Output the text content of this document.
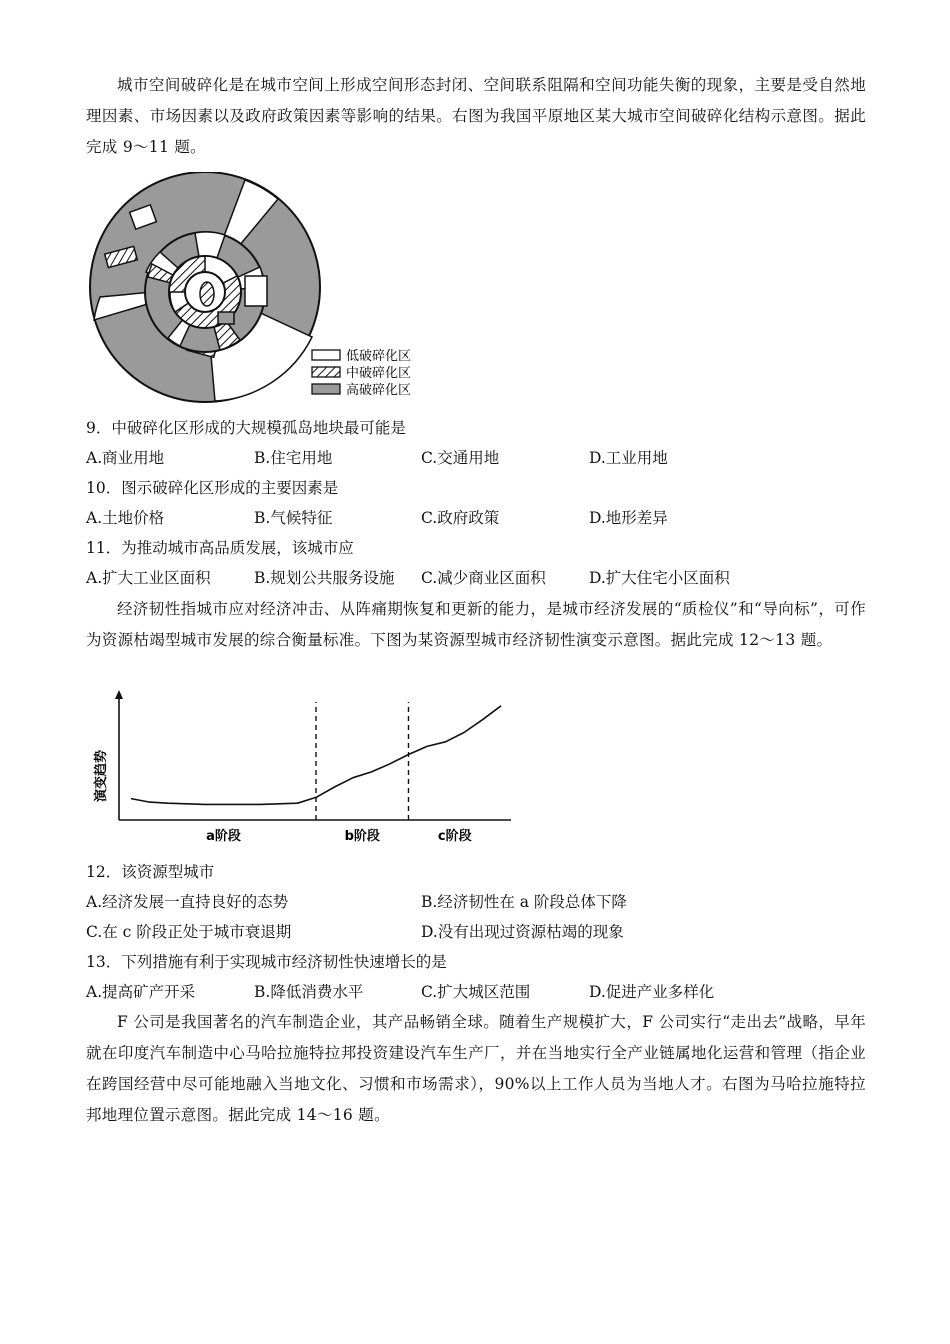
城市空间破碎化是在城市空间上形成空间形态封闭、空间联系阻隔和空间功能失衡的现象，主要是受自然地理因素、市场因素以及政府政策因素等影响的结果。右图为我国平原地区某大城市空间破碎化结构示意图。据此完成 9～11 题。

低破碎化区
中破碎化区
高破碎化区

9．中破碎化区形成的大规模孤岛地块最可能是

A.商业用地	B.住宅用地	C.交通用地	D.工业用地

10．图示破碎化区形成的主要因素是

A.土地价格	B.气候特征	C.政府政策	D.地形差异

11．为推动城市高品质发展，该城市应

A.扩大工业区面积	B.规划公共服务设施 C.减少商业区面积	D.扩大住宅小区面积

经济韧性指城市应对经济冲击、从阵痛期恢复和更新的能力，是城市经济发展的“质检仪”和“导向标”，可作为资源枯竭型城市发展的综合衡量标准。下图为某资源型城市经济韧性演变示意图。据此完成 12～13 题。

演变趋势
a阶段	b阶段	c阶段

12．该资源型城市

A.经济发展一直持良好的态势	B.经济韧性在 a 阶段总体下降

C.在 c 阶段正处于城市衰退期	D.没有出现过资源枯竭的现象

13．下列措施有利于实现城市经济韧性快速增长的是

A.提高矿产开采	B.降低消费水平	C.扩大城区范围	D.促进产业多样化

F 公司是我国著名的汽车制造企业，其产品畅销全球。随着生产规模扩大，F 公司实行“走出去”战略，早年就在印度汽车制造中心马哈拉施特拉邦投资建设汽车生产厂，并在当地实行全产业链属地化运营和管理（指企业在跨国经营中尽可能地融入当地文化、习惯和市场需求），90%以上工作人员为当地人才。右图为马哈拉施特拉邦地理位置示意图。据此完成 14～16 题。
